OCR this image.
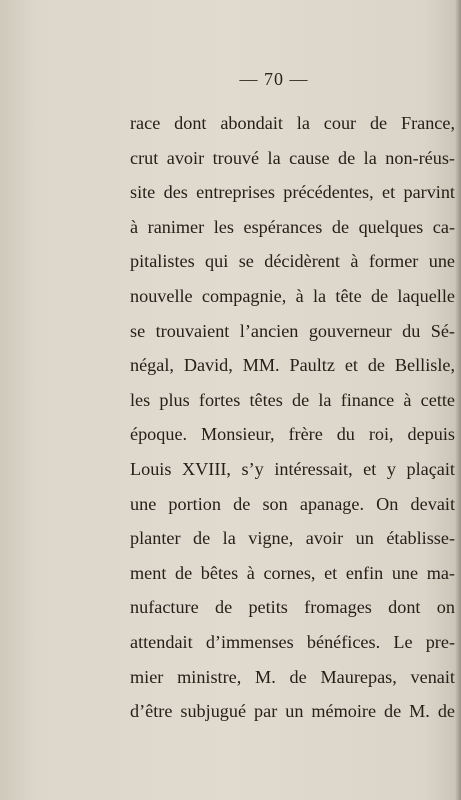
— 70 —
race dont abondait la cour de France,
crut avoir trouvé la cause de la non-réus-
site des entreprises précédentes, et parvint
à ranimer les espérances de quelques ca-
pitalistes qui se décidèrent à former une
nouvelle compagnie, à la tête de laquelle
se trouvaient l’ancien gouverneur du Sé-
négal, David, MM. Paultz et de Bellisle,
les plus fortes têtes de la finance à cette
époque. Monsieur, frère du roi, depuis
Louis XVIII, s’y intéressait, et y plaçait
une portion de son apanage. On devait
planter de la vigne, avoir un établisse-
ment de bêtes à cornes, et enfin une ma-
nufacture de petits fromages dont on
attendait d’immenses bénéfices. Le pre-
mier ministre, M. de Maurepas, venait
d’être subjugué par un mémoire de M. de
